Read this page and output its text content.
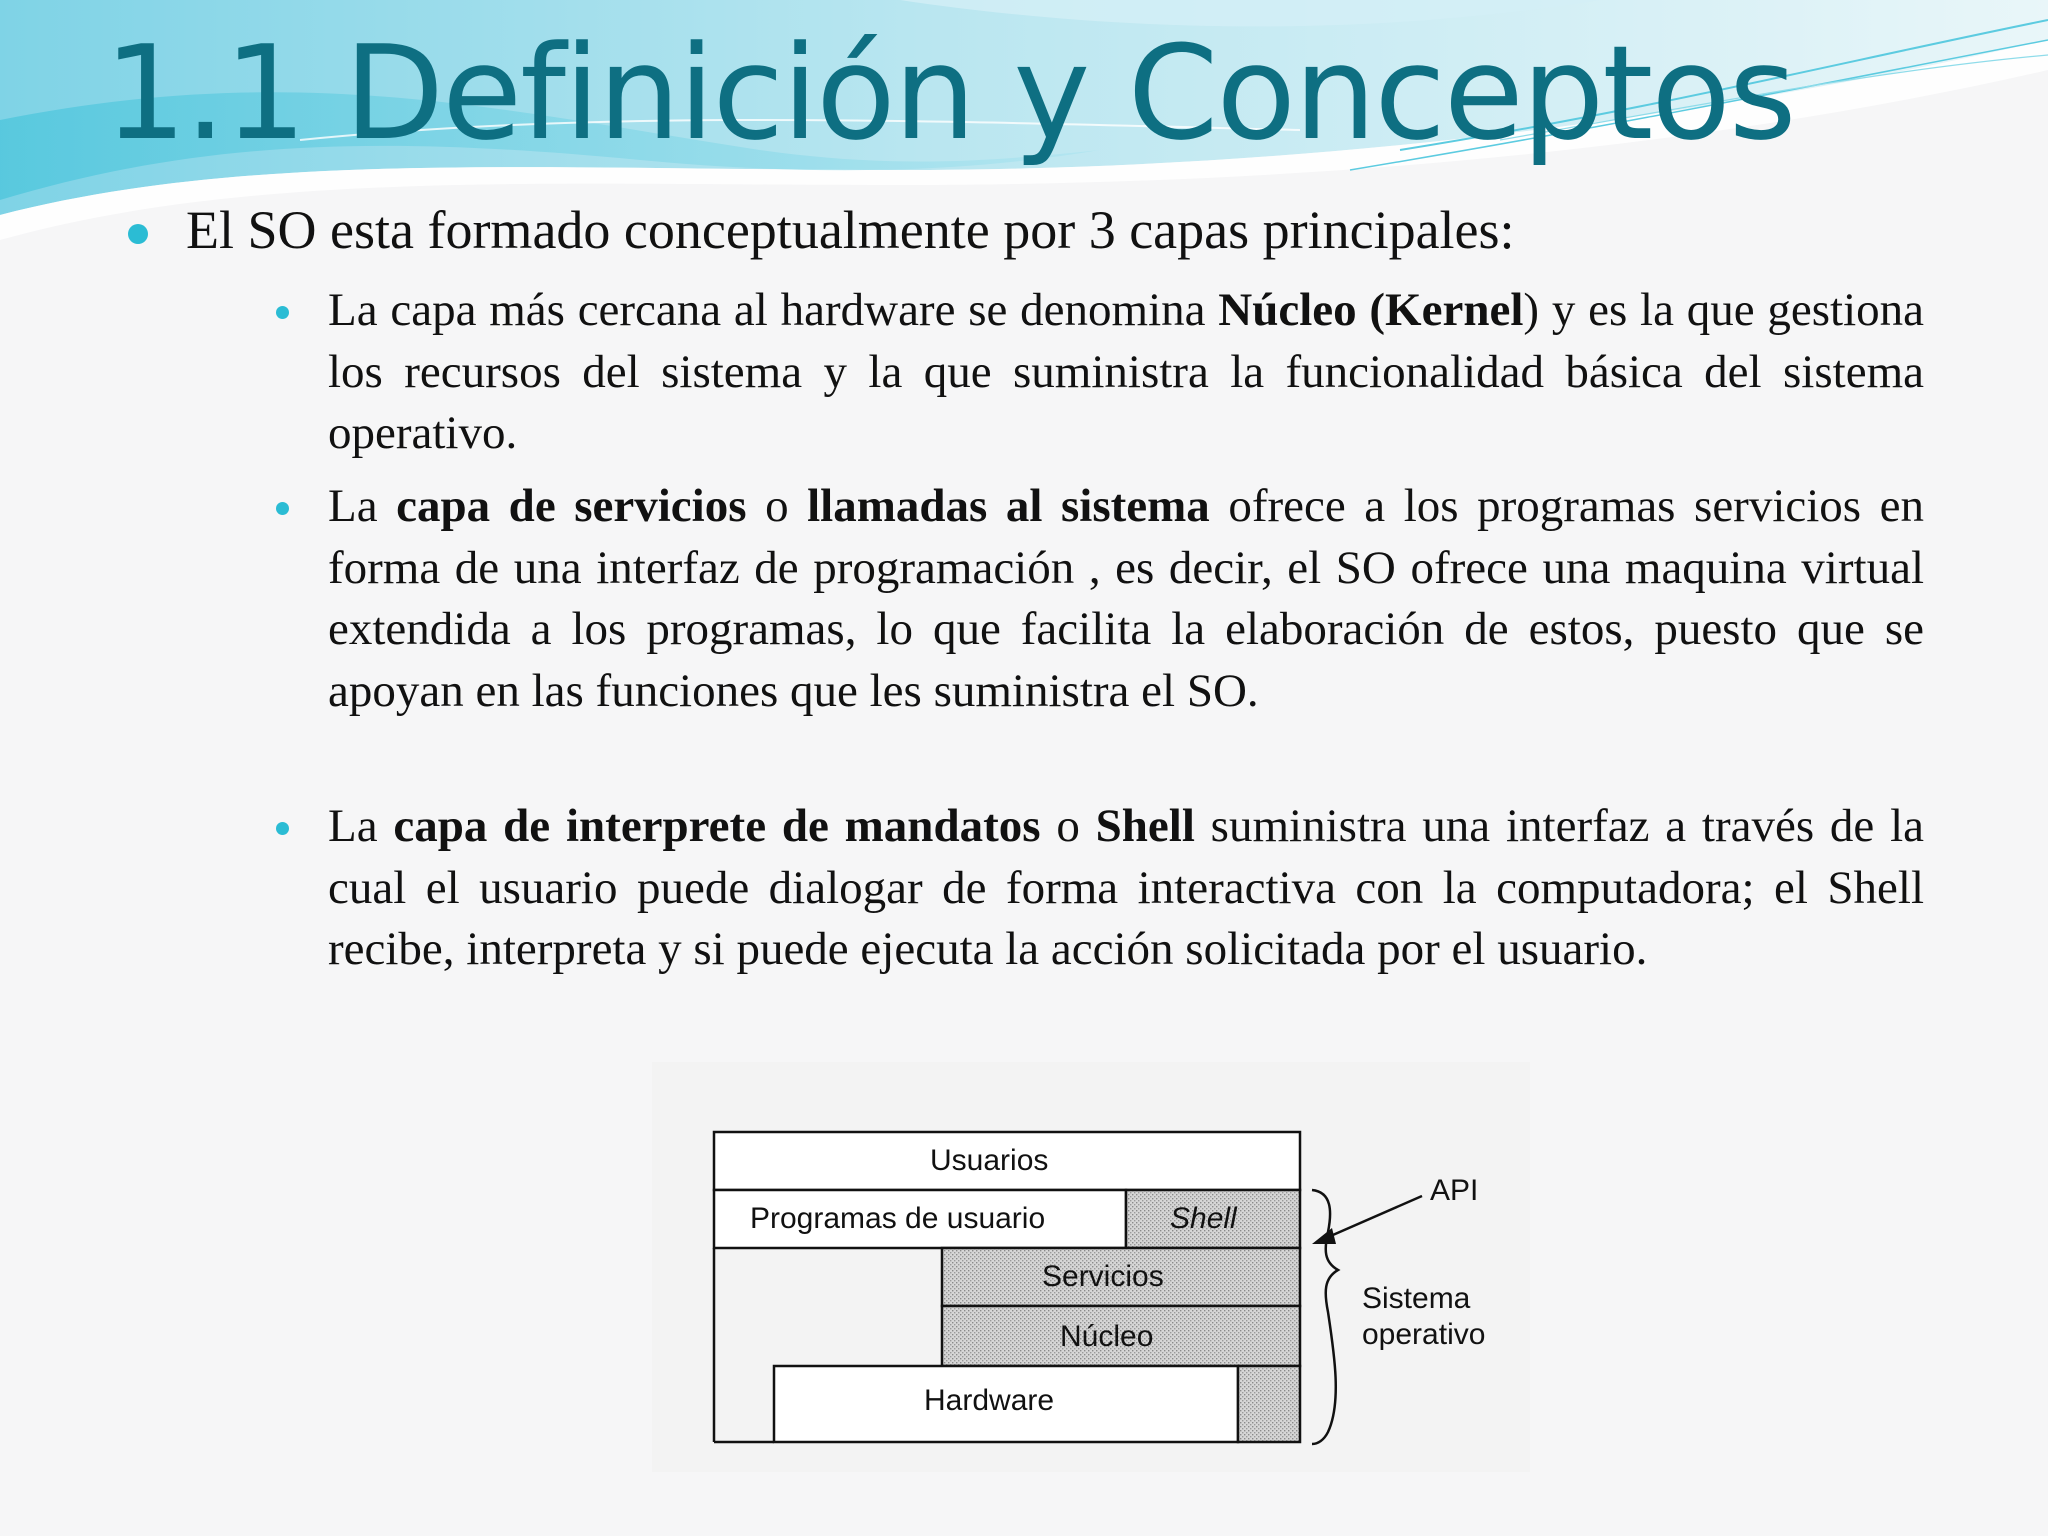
1.1 Definición y Conceptos
El SO esta formado conceptualmente por 3 capas principales:
La capa más cercana al hardware se denomina Núcleo (Kernel) y es la que gestiona los recursos del sistema y la que suministra la funcionalidad básica del sistema operativo.
La capa de servicios o llamadas al sistema ofrece a los programas servicios en forma de una interfaz de programación , es decir, el SO ofrece una maquina virtual extendida a los programas, lo que facilita la elaboración de estos, puesto que se apoyan en las funciones que les suministra el SO.
La capa de interprete de mandatos o Shell suministra una interfaz a través de la cual el usuario puede dialogar de forma interactiva con la computadora; el Shell recibe, interpreta y si puede ejecuta la acción solicitada por el usuario.
Usuarios
Programas de usuario	Shell
Servicios
Núcleo
Hardware
API
Sistema
operativo
